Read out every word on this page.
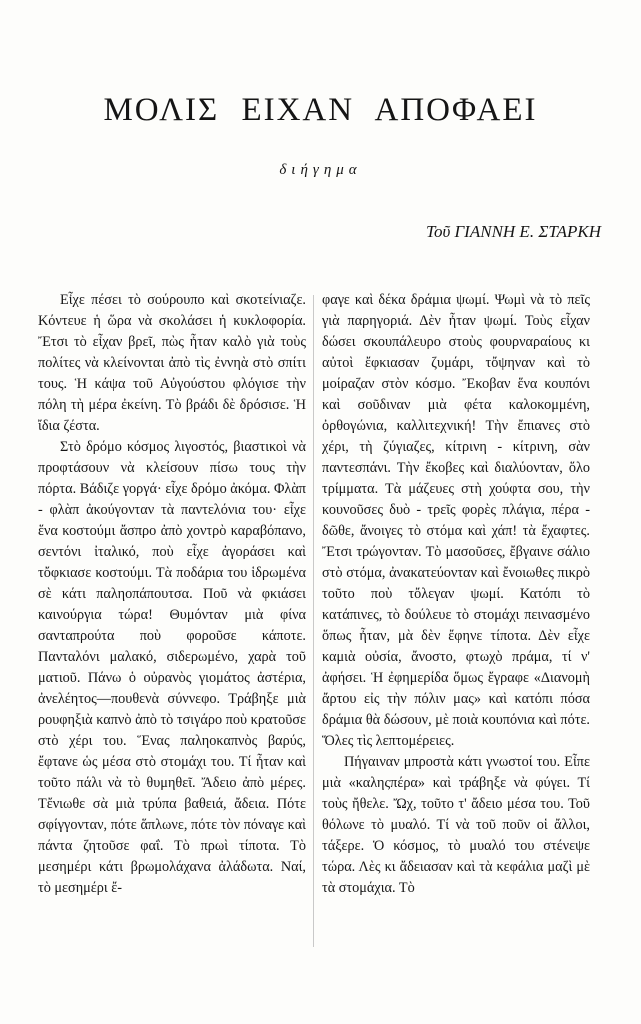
ΜΟΛΙΣ ΕΙΧΑΝ ΑΠΟΦΑΕΙ
διήγημα
Τοῦ ΓΙΑΝΝΗ Ε. ΣΤΑΡΚΗ

Εἶχε πέσει τὸ σούρουπο καὶ σκοτείνιαζε. Κόντευε ἡ ὥρα νὰ σκολάσει ἡ κυκλοφορία. Ἔτσι τὸ εἶχαν βρεῖ, πὼς ἦταν καλὸ γιὰ τοὺς πολίτες νὰ κλείνονται ἀπὸ τὶς ἐννηὰ στὸ σπίτι τους. Ἡ κάψα τοῦ Αὐγούστου φλόγισε τὴν πόλη τὴ μέρα ἐκείνη. Τὸ βράδι δὲ δρόσισε. Ἡ ἴδια ζέστα.

Στὸ δρόμο κόσμος λιγοστός, βιαστικοὶ νὰ προφτάσουν νὰ κλείσουν πίσω τους τὴν πόρτα. Βάδιζε γοργά· εἶχε δρόμο ἀκόμα. Φλὰπ - φλὰπ ἀκούγονταν τὰ παντελόνια του· εἶχε ἕνα κοστούμι ἄσπρο ἀπὸ χοντρὸ καραβόπανο, σεντόνι ἰταλικό, ποὺ εἶχε ἀγοράσει καὶ τὄφκιασε κοστούμι. Τὰ ποδάρια του ἱδρωμένα σὲ κάτι παληοπάπουτσα. Ποῦ νὰ φκιάσει καινούργια τώρα! Θυμόνταν μιὰ φίνα σανταπρούτα ποὺ φοροῦσε κάποτε. Πανταλόνι μαλακό, σιδερωμένο, χαρὰ τοῦ ματιοῦ. Πάνω ὁ οὐρανὸς γιομάτος ἀστέρια, ἀνελέητος—πουθενὰ σύννεφο. Τράβηξε μιὰ ρουφηξιὰ καπνὸ ἀπὸ τὸ τσιγάρο ποὺ κρατοῦσε στὸ χέρι του. Ἕνας παληοκαπνὸς βαρύς, ἔφτανε ὡς μέσα στὸ στομάχι του. Τί ἦταν καὶ τοῦτο πάλι νὰ τὸ θυμηθεῖ. Ἄδειο ἀπὸ μέρες. Τἔνιωθε σὰ μιὰ τρύπα βαθειά, ἄδεια. Πότε σφίγγονταν, πότε ἅπλωνε, πότε τὸν πόναγε καὶ πάντα ζητοῦσε φαΐ. Τὸ πρωὶ τίποτα. Τὸ μεσημέρι κάτι βρωμολάχανα ἀλάδωτα. Ναί, τὸ μεσημέρι ἔ-

φαγε καὶ δέκα δράμια ψωμί. Ψωμὶ νὰ τὸ πεῖς γιὰ παρηγοριά. Δὲν ἦταν ψωμί. Τοὺς εἶχαν δώσει σκουπάλευρο στοὺς φουρναραίους κι αὐτοὶ ἔφκιασαν ζυμάρι, τὄψηναν καὶ τὸ μοίραζαν στὸν κόσμο. Ἔκοβαν ἕνα κουπόνι καὶ σοῦδιναν μιὰ φέτα καλοκομμένη, ὀρθογώνια, καλλιτεχνική! Τὴν ἔπιανες στὸ χέρι, τὴ ζύγιαζες, κίτρινη - κίτρινη, σὰν παντεσπάνι. Τὴν ἔκοβες καὶ διαλύονταν, ὅλο τρίμματα. Τὰ μάζευες στὴ χούφτα σου, τὴν κουνοῦσες δυὸ - τρεῖς φορὲς πλάγια, πέρα - δῶθε, ἄνοιγες τὸ στόμα καὶ χάπ! τὰ ἔχαφτες. Ἔτσι τρώγονταν. Τὸ μασοῦσες, ἔβγαινε σάλιο στὸ στόμα, ἀνακατεύονταν καὶ ἔνοιωθες πικρὸ τοῦτο ποὺ τὄλεγαν ψωμί. Κατόπι τὸ κατάπινες, τὸ δούλευε τὸ στομάχι πεινασμένο ὅπως ἦταν, μὰ δὲν ἔφηνε τίποτα. Δὲν εἶχε καμιὰ οὐσία, ἄνοστο, φτωχὸ πράμα, τί ν' ἀφήσει. Ἡ ἐφημερίδα ὅμως ἔγραφε «Διανομὴ ἄρτου εἰς τὴν πόλιν μας» καὶ κατόπι πόσα δράμια θὰ δώσουν, μὲ ποιὰ κουπόνια καὶ πότε. Ὅλες τὶς λεπτομέρειες.

Πήγαιναν μπροστὰ κάτι γνωστοί του. Εἶπε μιὰ «καληςπέρα» καὶ τράβηξε νὰ φύγει. Τί τοὺς ἤθελε. Ὤχ, τοῦτο τ' ἄδειο μέσα του. Τοῦ θόλωνε τὸ μυαλό. Τί νὰ τοῦ ποῦν οἱ ἄλλοι, τάξερε. Ὁ κόσμος, τὸ μυαλό του στένεψε τώρα. Λὲς κι ἄδειασαν καὶ τὰ κεφάλια μαζὶ μὲ τὰ στομάχια. Τὸ
